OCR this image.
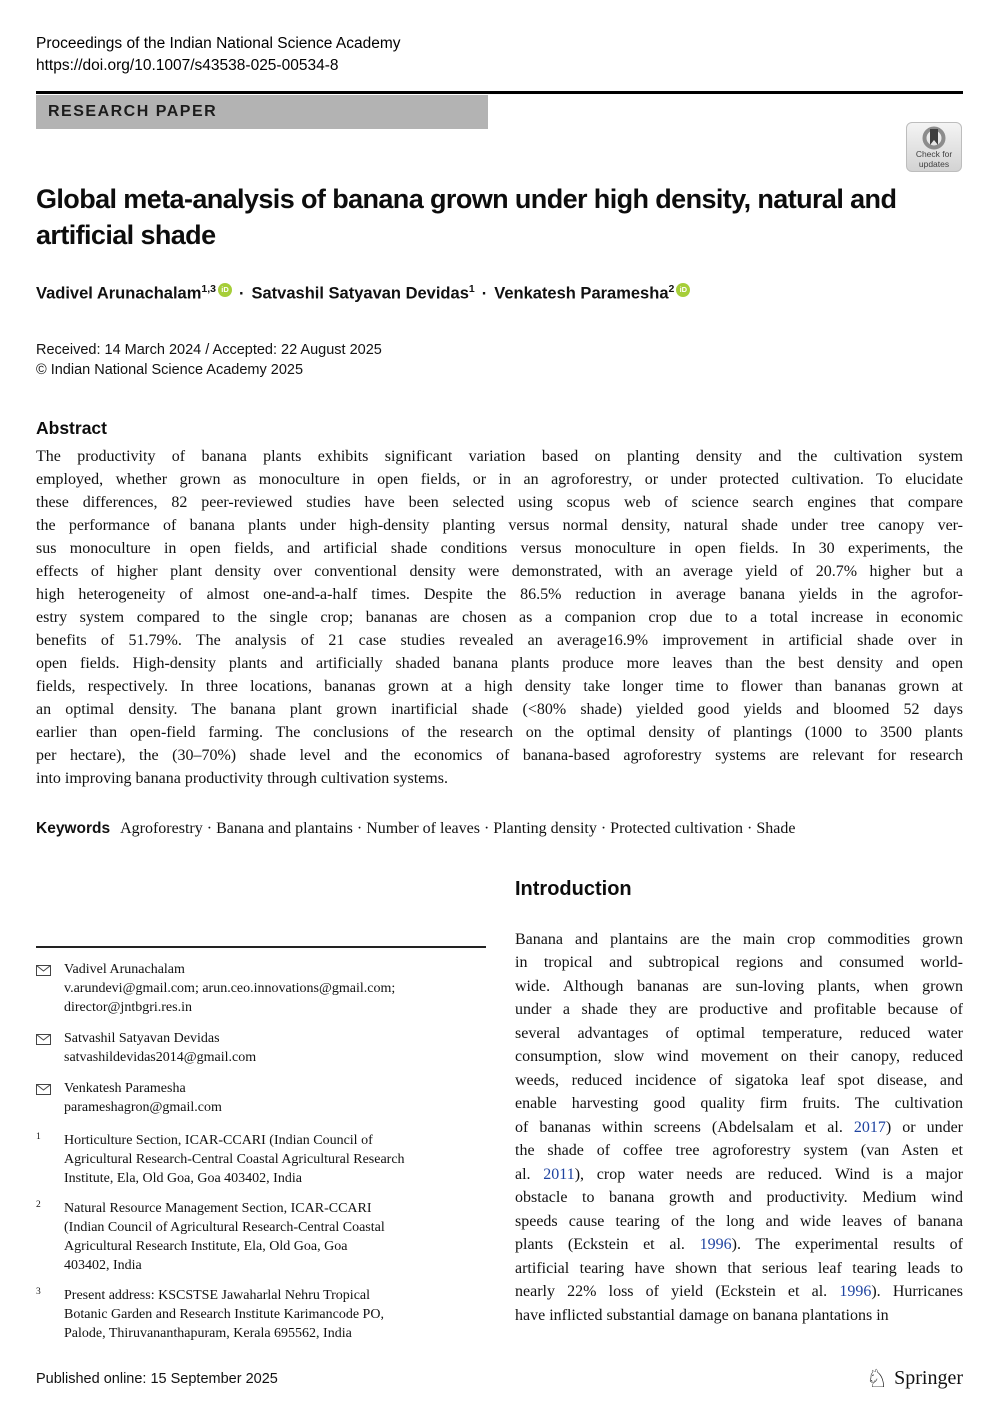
Proceedings of the Indian National Science Academy
https://doi.org/10.1007/s43538-025-00534-8
RESEARCH PAPER
Check for
updates
Global meta-analysis of banana grown under high density, natural and
artificial shade
Vadivel Arunachalam$^{1,3}$ iD · Satvashil Satyavan Devidas$^1$ · Venkatesh Paramesha$^2$ iD
Received: 14 March 2024 / Accepted: 22 August 2025
© Indian National Science Academy 2025
Abstract
The productivity of banana plants exhibits significant variation based on planting density and the cultivation system
employed, whether grown as monoculture in open fields, or in an agroforestry, or under protected cultivation. To elucidate
these differences, 82 peer-reviewed studies have been selected using scopus web of science search engines that compare
the performance of banana plants under high-density planting versus normal density, natural shade under tree canopy ver-
sus monoculture in open fields, and artificial shade conditions versus monoculture in open fields. In 30 experiments, the
effects of higher plant density over conventional density were demonstrated, with an average yield of 20.7% higher but a
high heterogeneity of almost one-and-a-half times. Despite the 86.5% reduction in average banana yields in the agrofor-
estry system compared to the single crop; bananas are chosen as a companion crop due to a total increase in economic
benefits of 51.79%. The analysis of 21 case studies revealed an average16.9% improvement in artificial shade over in
open fields. High-density plants and artificially shaded banana plants produce more leaves than the best density and open
fields, respectively. In three locations, bananas grown at a high density take longer time to flower than bananas grown at
an optimal density. The banana plant grown inartificial shade (<80% shade) yielded good yields and bloomed 52 days
earlier than open-field farming. The conclusions of the research on the optimal density of plantings (1000 to 3500 plants
per hectare), the (30–70%) shade level and the economics of banana-based agroforestry systems are relevant for research
into improving banana productivity through cultivation systems.
Keywords Agroforestry · Banana and plantains · Number of leaves · Planting density · Protected cultivation · Shade
Vadivel Arunachalam
v.arundevi@gmail.com; arun.ceo.innovations@gmail.com;
director@jntbgri.res.in
Satvashil Satyavan Devidas
satvashildevidas2014@gmail.com
Venkatesh Paramesha
parameshagron@gmail.com
1	Horticulture Section, ICAR-CCARI (Indian Council of
Agricultural Research-Central Coastal Agricultural Research
Institute, Ela, Old Goa, Goa 403402, India
2	Natural Resource Management Section, ICAR-CCARI
(Indian Council of Agricultural Research-Central Coastal
Agricultural Research Institute, Ela, Old Goa, Goa
403402, India
3	Present address: KSCSTSE Jawaharlal Nehru Tropical
Botanic Garden and Research Institute Karimancode PO,
Palode, Thiruvananthapuram, Kerala 695562, India
Introduction
Banana and plantains are the main crop commodities grown
in tropical and subtropical regions and consumed world-
wide. Although bananas are sun-loving plants, when grown
under a shade they are productive and profitable because of
several advantages of optimal temperature, reduced water
consumption, slow wind movement on their canopy, reduced
weeds, reduced incidence of sigatoka leaf spot disease, and
enable harvesting good quality firm fruits. The cultivation
of bananas within screens (Abdelsalam et al. 2017) or under
the shade of coffee tree agroforestry system (van Asten et
al. 2011), crop water needs are reduced. Wind is a major
obstacle to banana growth and productivity. Medium wind
speeds cause tearing of the long and wide leaves of banana
plants (Eckstein et al. 1996). The experimental results of
artificial tearing have shown that serious leaf tearing leads to
nearly 22% loss of yield (Eckstein et al. 1996). Hurricanes
have inflicted substantial damage on banana plantations in
Published online: 15 September 2025	♘ Springer
